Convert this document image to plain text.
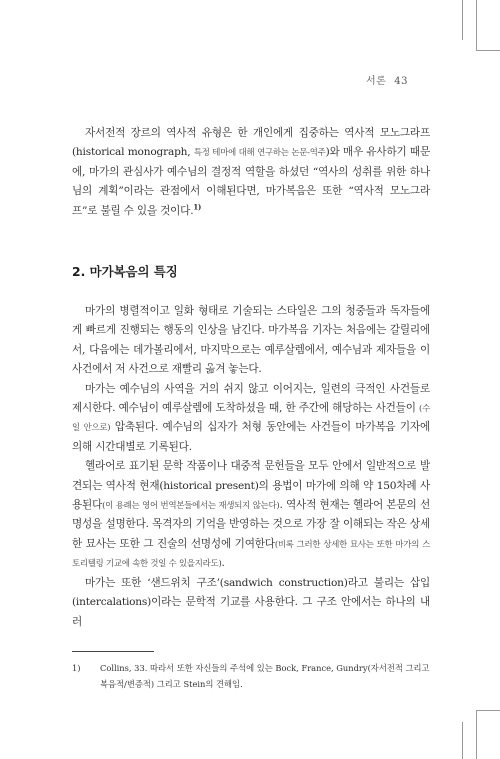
서론 43

자서전적 장르의 역사적 유형은 한 개인에게 집중하는 역사적 모노그라프(historical monograph, 특정 테마에 대해 연구하는 논문-역주)와 매우 유사하기 때문에, 마가의 관심사가 예수님의 결정적 역할을 하셨던 “역사의 성취를 위한 하나님의 계획”이라는 관점에서 이해된다면, 마가복음은 또한 “역사적 모노그라프”로 불릴 수 있을 것이다.$^{1)}$

2. 마가복음의 특징

마가의 병렬적이고 일화 형태로 기술되는 스타일은 그의 청중들과 독자들에게 빠르게 진행되는 행동의 인상을 남긴다. 마가복음 기자는 처음에는 갈릴리에서, 다음에는 데가볼리에서, 마지막으로는 예루살렘에서, 예수님과 제자들을 이 사건에서 저 사건으로 재빨리 옮겨 놓는다.

마가는 예수님의 사역을 거의 쉬지 않고 이어지는, 일련의 극적인 사건들로 제시한다. 예수님이 예루살렘에 도착하셨을 때, 한 주간에 해당하는 사건들이 (수일 안으로) 압축된다. 예수님의 십자가 처형 동안에는 사건들이 마가복음 기자에 의해 시간대별로 기록된다.

헬라어로 표기된 문학 작품이나 대중적 문헌들을 모두 안에서 일반적으로 발견되는 역사적 현재(historical present)의 용법이 마가에 의해 약 150차례 사용된다(이 용례는 영어 번역본들에서는 재생되지 않는다). 역사적 현재는 헬라어 본문의 선명성을 설명한다. 목격자의 기억을 반영하는 것으로 가장 잘 이해되는 작은 상세한 묘사는 또한 그 진술의 선명성에 기여한다(비록 그러한 상세한 묘사는 또한 마가의 스토리텔링 기교에 속한 것일 수 있을지라도).

마가는 또한 ‘샌드위치 구조’(sandwich construction)라고 불리는 삽입(intercalations)이라는 문학적 기교를 사용한다. 그 구조 안에서는 하나의 내러

1) Collins, 33. 따라서 또한 자신들의 주석에 있는 Bock, France, Gundry(자서전적 그리고
복음적/변증적) 그리고 Stein의 견해임.
